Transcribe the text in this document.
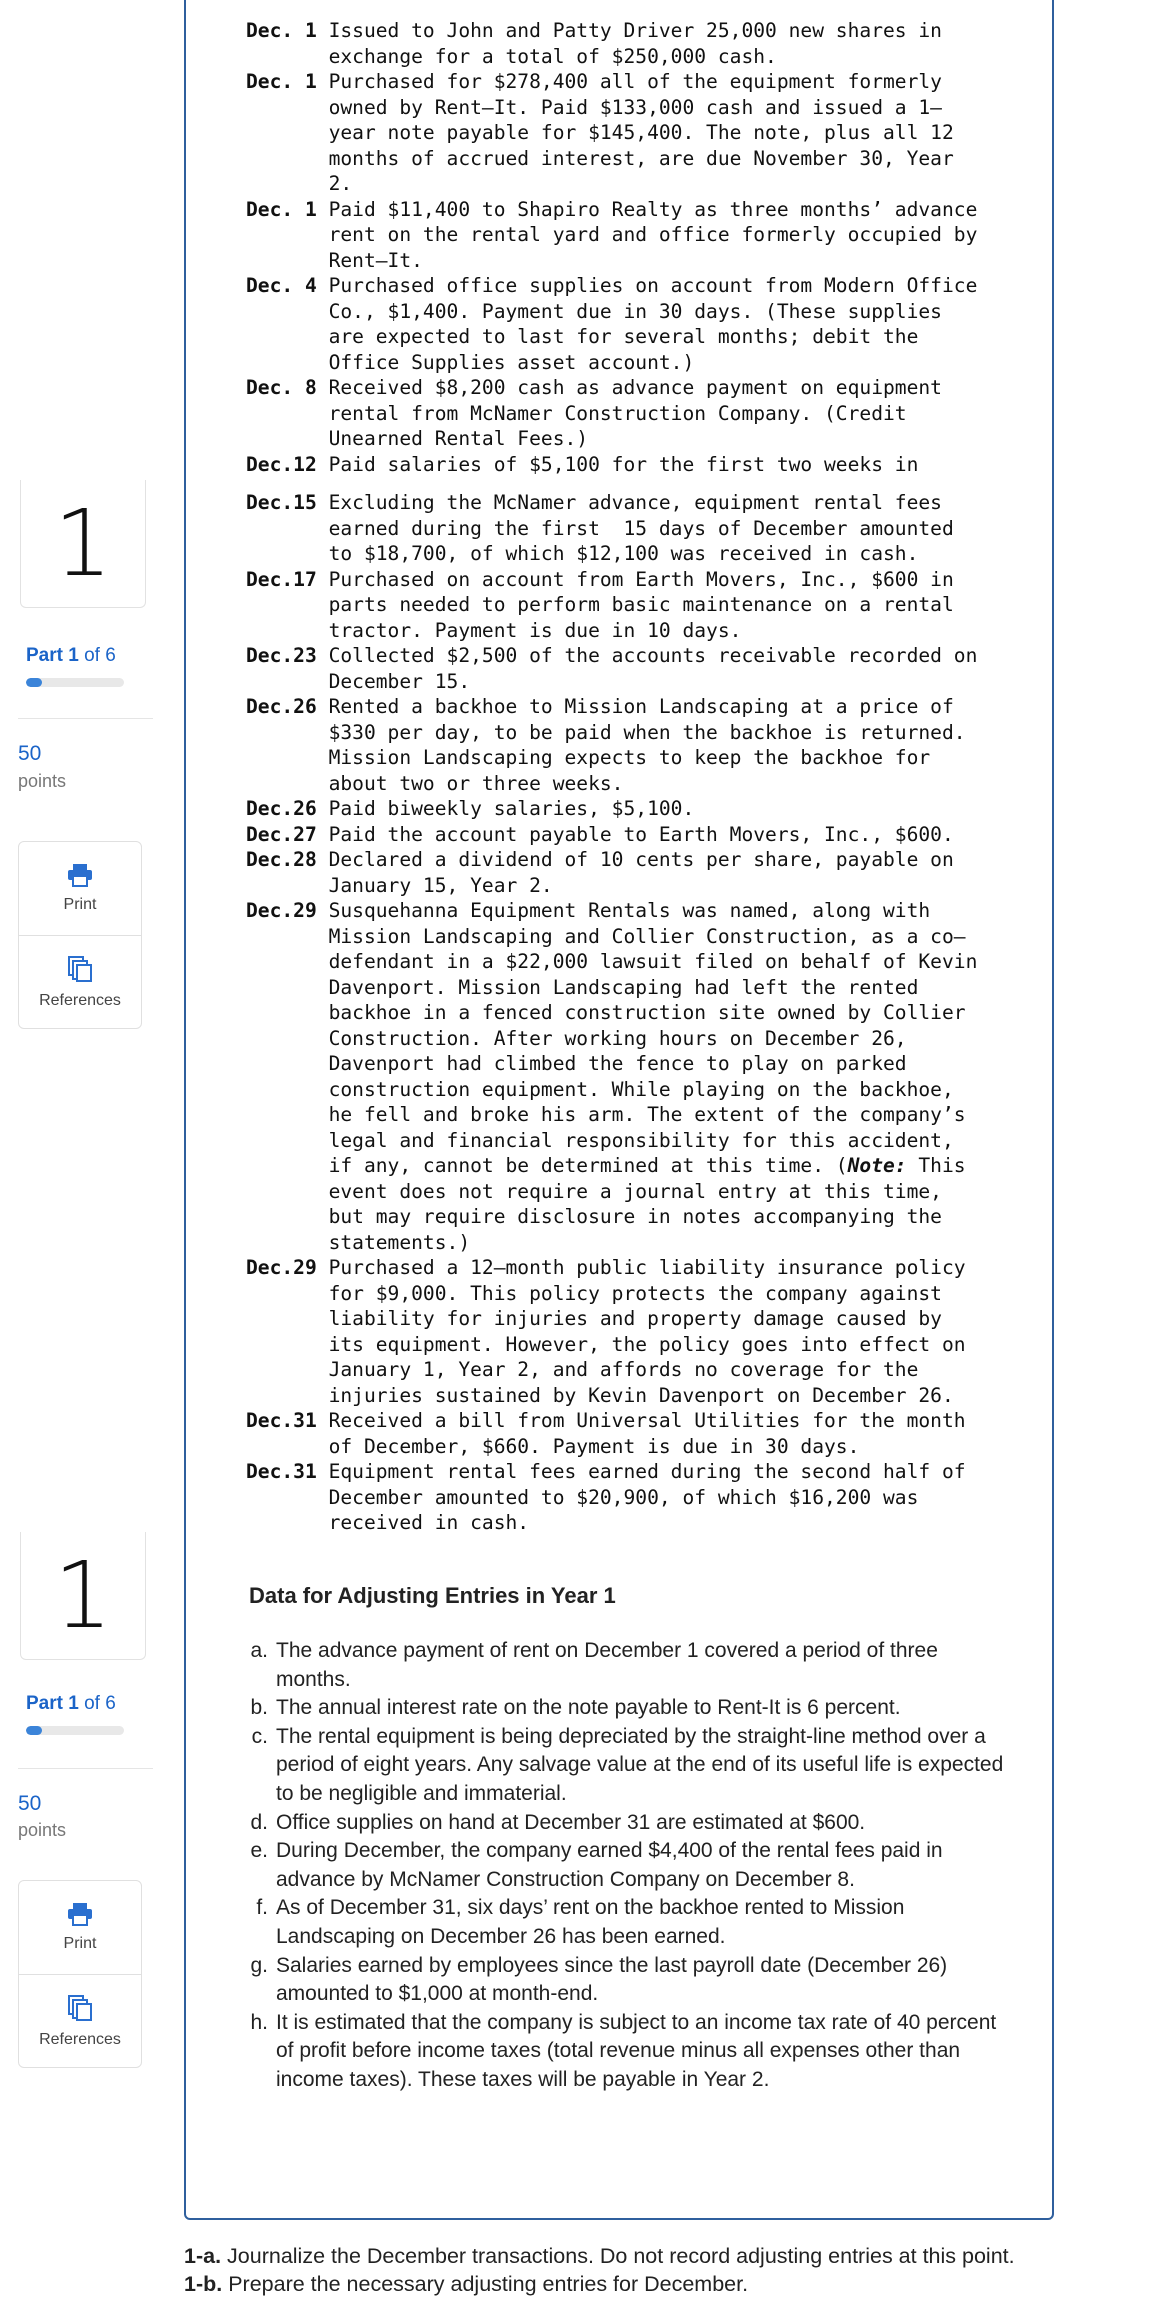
Dec. 1 Issued to John and Patty Driver 25,000 new shares in
exchange for a total of $250,000 cash.
Dec. 1 Purchased for $278,400 all of the equipment formerly
owned by Rent–It. Paid $133,000 cash and issued a 1–
year note payable for $145,400. The note, plus all 12
months of accrued interest, are due November 30, Year
2.
Dec. 1 Paid $11,400 to Shapiro Realty as three months’ advance
rent on the rental yard and office formerly occupied by
Rent–It.
Dec. 4 Purchased office supplies on account from Modern Office
Co., $1,400. Payment due in 30 days. (These supplies
are expected to last for several months; debit the
Office Supplies asset account.)
Dec. 8 Received $8,200 cash as advance payment on equipment
rental from McNamer Construction Company. (Credit
Unearned Rental Fees.)
Dec.12 Paid salaries of $5,100 for the first two weeks in
Dec.15 Excluding the McNamer advance, equipment rental fees
earned during the first  15 days of December amounted
to $18,700, of which $12,100 was received in cash.
Dec.17 Purchased on account from Earth Movers, Inc., $600 in
parts needed to perform basic maintenance on a rental
tractor. Payment is due in 10 days.
Dec.23 Collected $2,500 of the accounts receivable recorded on
December 15.
Dec.26 Rented a backhoe to Mission Landscaping at a price of
$330 per day, to be paid when the backhoe is returned.
Mission Landscaping expects to keep the backhoe for
about two or three weeks.
Dec.26 Paid biweekly salaries, $5,100.
Dec.27 Paid the account payable to Earth Movers, Inc., $600.
Dec.28 Declared a dividend of 10 cents per share, payable on
January 15, Year 2.
Dec.29 Susquehanna Equipment Rentals was named, along with
Mission Landscaping and Collier Construction, as a co–
defendant in a $22,000 lawsuit filed on behalf of Kevin
Davenport. Mission Landscaping had left the rented
backhoe in a fenced construction site owned by Collier
Construction. After working hours on December 26,
Davenport had climbed the fence to play on parked
construction equipment. While playing on the backhoe,
he fell and broke his arm. The extent of the company’s
legal and financial responsibility for this accident,
if any, cannot be determined at this time. (Note: This
event does not require a journal entry at this time,
but may require disclosure in notes accompanying the
statements.)
Dec.29 Purchased a 12–month public liability insurance policy
for $9,000. This policy protects the company against
liability for injuries and property damage caused by
its equipment. However, the policy goes into effect on
January 1, Year 2, and affords no coverage for the
injuries sustained by Kevin Davenport on December 26.
Dec.31 Received a bill from Universal Utilities for the month
of December, $660. Payment is due in 30 days.
Dec.31 Equipment rental fees earned during the second half of
December amounted to $20,900, of which $16,200 was
received in cash.
Data for Adjusting Entries in Year 1
a. The advance payment of rent on December 1 covered a period of three months.
b. The annual interest rate on the note payable to Rent-It is 6 percent.
c. The rental equipment is being depreciated by the straight-line method over a period of eight years. Any salvage value at the end of its useful life is expected to be negligible and immaterial.
d. Office supplies on hand at December 31 are estimated at $600.
e. During December, the company earned $4,400 of the rental fees paid in advance by McNamer Construction Company on December 8.
f. As of December 31, six days’ rent on the backhoe rented to Mission Landscaping on December 26 has been earned.
g. Salaries earned by employees since the last payroll date (December 26) amounted to $1,000 at month-end.
h. It is estimated that the company is subject to an income tax rate of 40 percent of profit before income taxes (total revenue minus all expenses other than income taxes). These taxes will be payable in Year 2.
1-a. Journalize the December transactions. Do not record adjusting entries at this point.
1-b. Prepare the necessary adjusting entries for December.
1
Part 1 of 6
50
points
Print
References
1
Part 1 of 6
50
points
Print
References
